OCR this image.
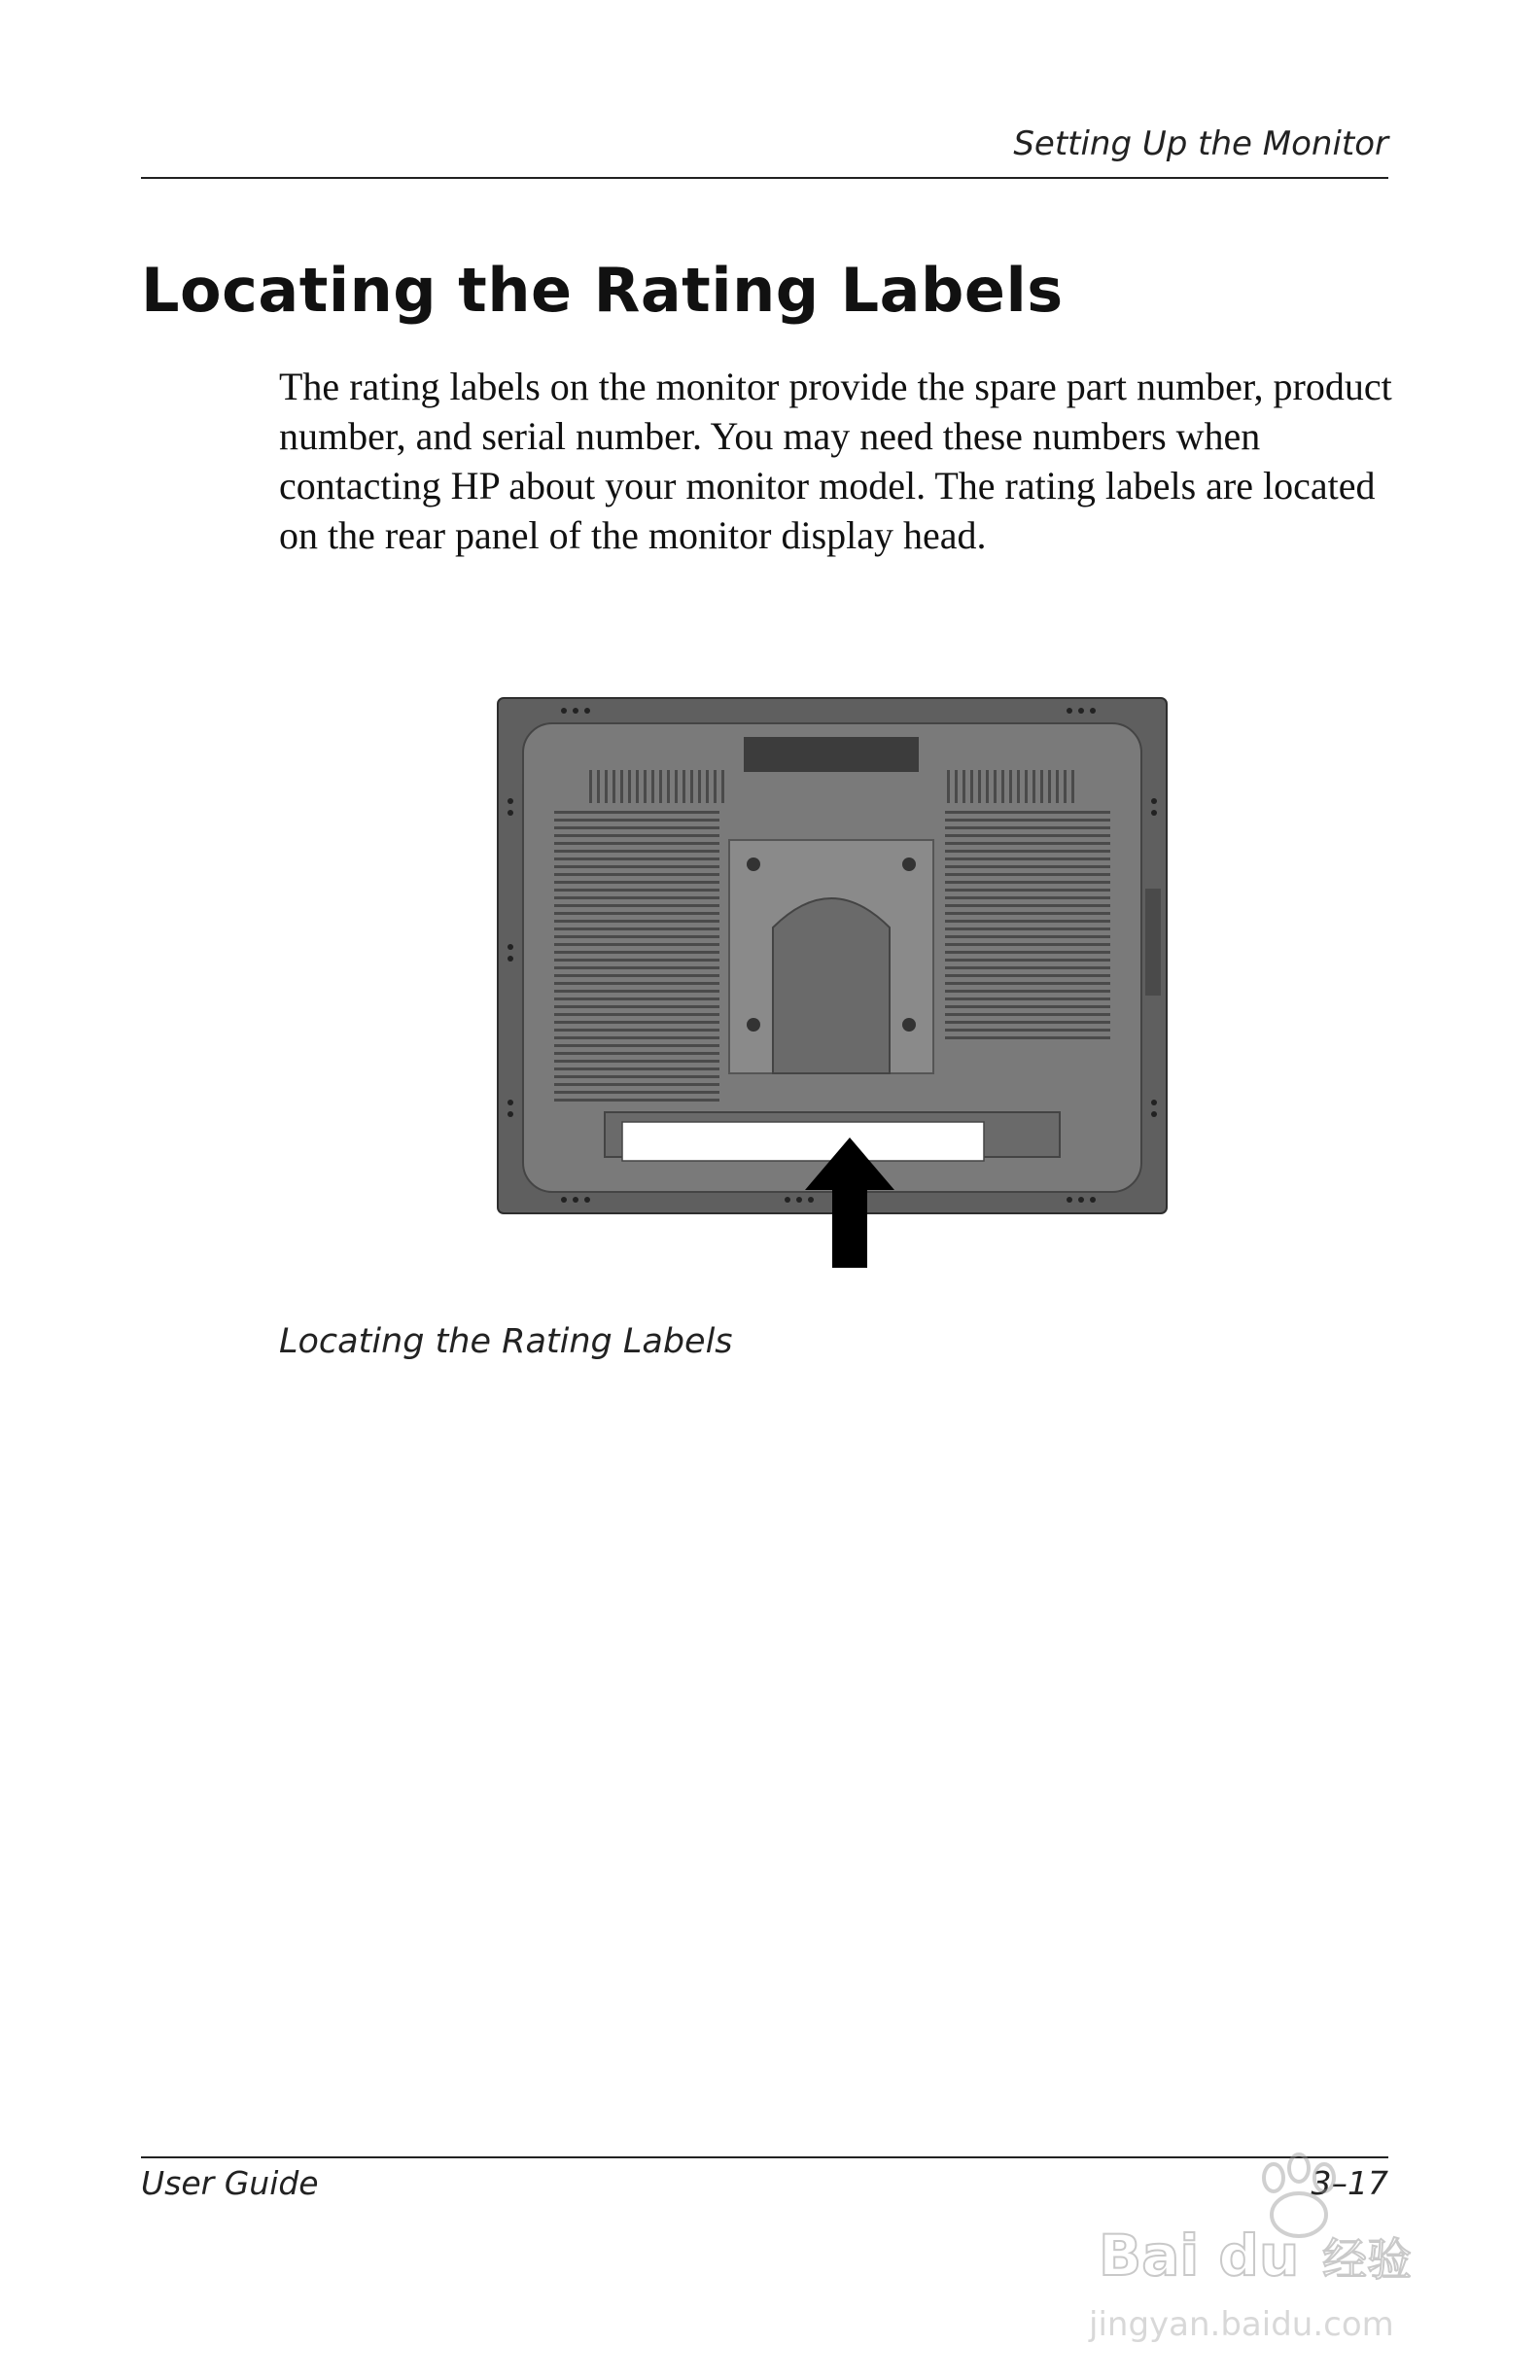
Setting Up the Monitor
Locating the Rating Labels

The rating labels on the monitor provide the spare part number, product number, and serial number. You may need these numbers when contacting HP about your monitor model. The rating labels are located on the rear panel of the monitor display head.

Locating the Rating Labels
User Guide	3–17
Bai du 经验
jingyan.baidu.com
